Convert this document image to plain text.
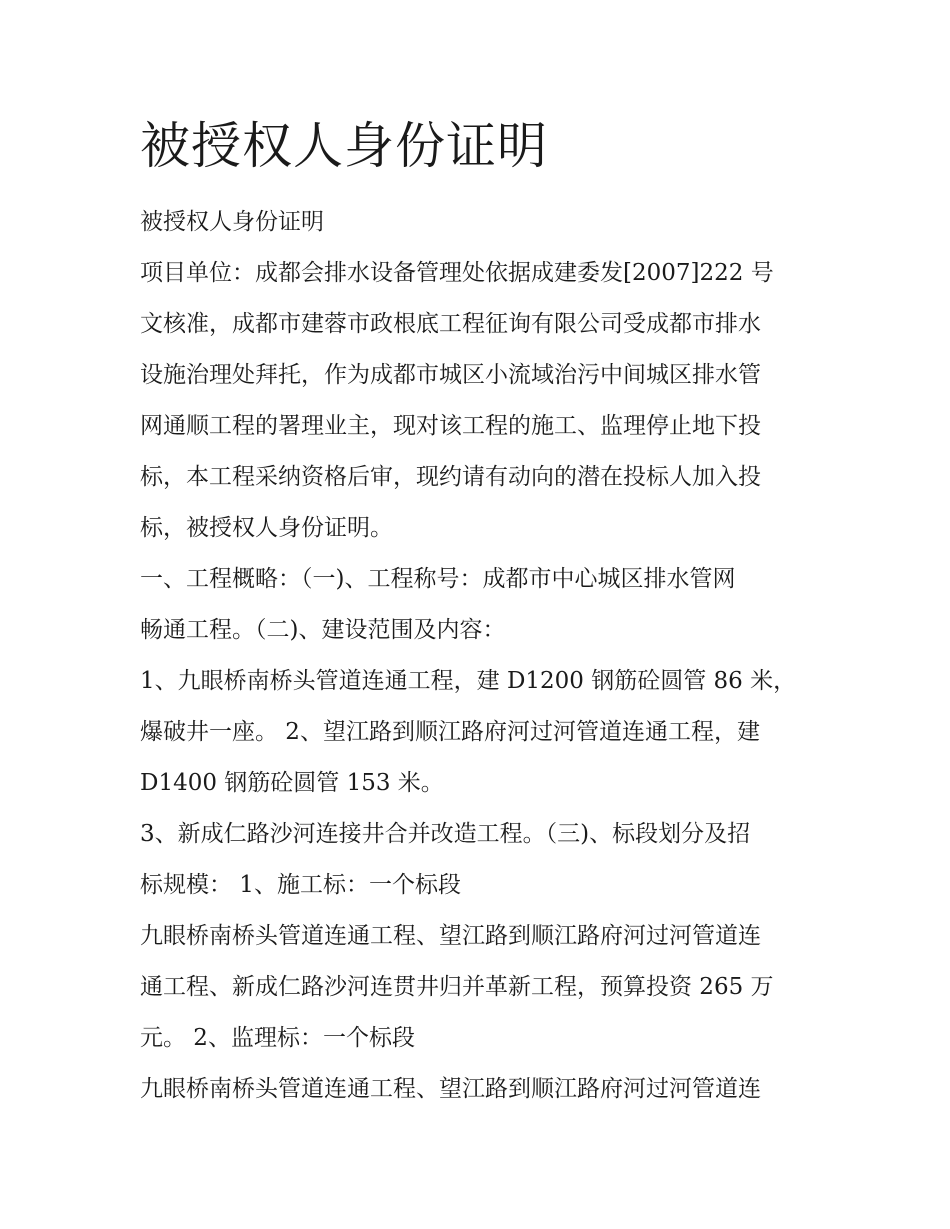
被授权人身份证明

被授权人身份证明

项目单位：成都会排水设备管理处依据成建委发[2007]222 号

文核准，成都市建蓉市政根底工程征询有限公司受成都市排水

设施治理处拜托，作为成都市城区小流域治污中间城区排水管

网通顺工程的署理业主，现对该工程的施工、监理停止地下投

标，本工程采纳资格后审，现约请有动向的潜在投标人加入投

标，被授权人身份证明。

一、工程概略：（一)、工程称号：成都市中心城区排水管网

畅通工程。（二)、建设范围及内容：

1、九眼桥南桥头管道连通工程，建 D1200 钢筋砼圆管 86 米，

爆破井一座。 2、望江路到顺江路府河过河管道连通工程，建

D1400 钢筋砼圆管 153 米。

3、新成仁路沙河连接井合并改造工程。（三)、标段划分及招

标规模： 1、施工标：一个标段

九眼桥南桥头管道连通工程、望江路到顺江路府河过河管道连

通工程、新成仁路沙河连贯井归并革新工程，预算投资 265 万

元。 2、监理标：一个标段

九眼桥南桥头管道连通工程、望江路到顺江路府河过河管道连
